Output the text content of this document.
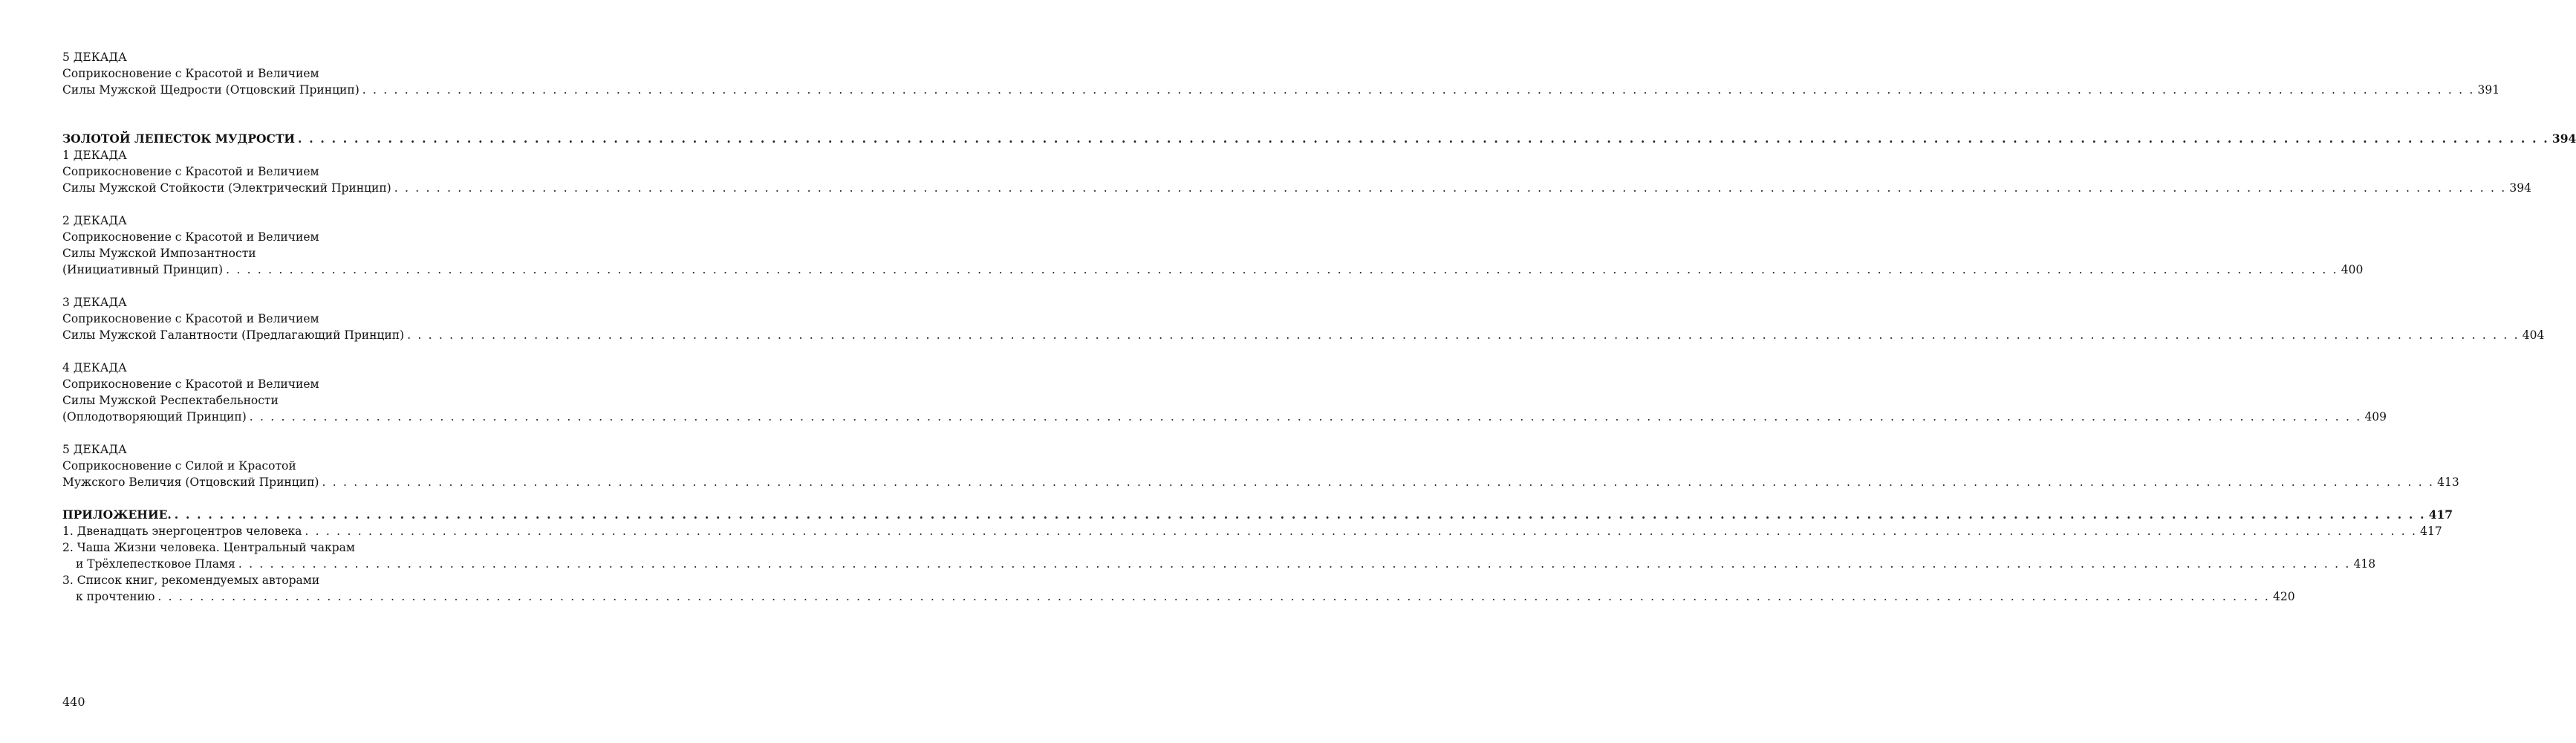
5 ДЕКАДА
Соприкосновение с Красотой и Величием
Силы Мужской Щедрости (Отцовский Принцип) . . . . . . . . . . . . . . . . . . . . . . . . . . . . . . . . . . . . . . . . . . . . . . . . . . . . . . . . . . . . . . . . . . . . . . . . . . . . . . . . . . . . . . . . . . . . . . . . . . . . . . . . . . . . . . . . . . . . . . . . . . . . . . . . . . . . . . . . . . . . . . . . . . . . . . . . . . . . . . . . . . . . . . . . . . . . . . . . . . . . . . . . . . . . . . . . . . . . . . . . 391
ЗОЛОТОЙ ЛЕПЕСТОК МУДРОСТИ . . . . . . . . . . . . . . . . . . . . . . . . . . . . . . . . . . . . . . . . . . . . . . . . . . . . . . . . . . . . . . . . . . . . . . . . . . . . . . . . . . . . . . . . . . . . . . . . . . . . . . . . . . . . . . . . . . . . . . . . . . . . . . . . . . . . . . . . . . . . . . . . . . . . . . . . . . . . . . . . . . . . . . . . . . . . . . . . . . . . . . . . . . . . . . . . . . . . . . . . 394
1 ДЕКАДА
Соприкосновение с Красотой и Величием
Силы Мужской Стойкости (Электрический Принцип) . . . . . . . . . . . . . . . . . . . . . . . . . . . . . . . . . . . . . . . . . . . . . . . . . . . . . . . . . . . . . . . . . . . . . . . . . . . . . . . . . . . . . . . . . . . . . . . . . . . . . . . . . . . . . . . . . . . . . . . . . . . . . . . . . . . . . . . . . . . . . . . . . . . . . . . . . . . . . . . . . . . . . . . . . . . . . . . . . . . . . . . . . . . . . . . . . . . . . . . . 394
2 ДЕКАДА
Соприкосновение с Красотой и Величием
Силы Мужской Импозантности
(Инициативный Принцип) . . . . . . . . . . . . . . . . . . . . . . . . . . . . . . . . . . . . . . . . . . . . . . . . . . . . . . . . . . . . . . . . . . . . . . . . . . . . . . . . . . . . . . . . . . . . . . . . . . . . . . . . . . . . . . . . . . . . . . . . . . . . . . . . . . . . . . . . . . . . . . . . . . . . . . . . . . . . . . . . . . . . . . . . . . . . . . . . . . . . . . . . . . . . . . . . . . . . . . . . 400
3 ДЕКАДА
Соприкосновение с Красотой и Величием
Силы Мужской Галантности (Предлагающий Принцип) . . . . . . . . . . . . . . . . . . . . . . . . . . . . . . . . . . . . . . . . . . . . . . . . . . . . . . . . . . . . . . . . . . . . . . . . . . . . . . . . . . . . . . . . . . . . . . . . . . . . . . . . . . . . . . . . . . . . . . . . . . . . . . . . . . . . . . . . . . . . . . . . . . . . . . . . . . . . . . . . . . . . . . . . . . . . . . . . . . . . . . . . . . . . . . . . . . . . . . . . 404
4 ДЕКАДА
Соприкосновение с Красотой и Величием
Силы Мужской Респектабельности
(Оплодотворяющий Принцип) . . . . . . . . . . . . . . . . . . . . . . . . . . . . . . . . . . . . . . . . . . . . . . . . . . . . . . . . . . . . . . . . . . . . . . . . . . . . . . . . . . . . . . . . . . . . . . . . . . . . . . . . . . . . . . . . . . . . . . . . . . . . . . . . . . . . . . . . . . . . . . . . . . . . . . . . . . . . . . . . . . . . . . . . . . . . . . . . . . . . . . . . . . . . . . . . . . . . . . . . 409
5 ДЕКАДА
Соприкосновение с Силой и Красотой
Мужского Величия (Отцовский Принцип) . . . . . . . . . . . . . . . . . . . . . . . . . . . . . . . . . . . . . . . . . . . . . . . . . . . . . . . . . . . . . . . . . . . . . . . . . . . . . . . . . . . . . . . . . . . . . . . . . . . . . . . . . . . . . . . . . . . . . . . . . . . . . . . . . . . . . . . . . . . . . . . . . . . . . . . . . . . . . . . . . . . . . . . . . . . . . . . . . . . . . . . . . . . . . . . . . . . . . . . . 413
ПРИЛОЖЕНИЕ. . . . . . . . . . . . . . . . . . . . . . . . . . . . . . . . . . . . . . . . . . . . . . . . . . . . . . . . . . . . . . . . . . . . . . . . . . . . . . . . . . . . . . . . . . . . . . . . . . . . . . . . . . . . . . . . . . . . . . . . . . . . . . . . . . . . . . . . . . . . . . . . . . . . . . . . . . . . . . . . . . . . . . . . . . . . . . . . . . . . . . . . . . . . . . . . . . . . . . . . . 417
1. Двенадцать энергоцентров человека . . . . . . . . . . . . . . . . . . . . . . . . . . . . . . . . . . . . . . . . . . . . . . . . . . . . . . . . . . . . . . . . . . . . . . . . . . . . . . . . . . . . . . . . . . . . . . . . . . . . . . . . . . . . . . . . . . . . . . . . . . . . . . . . . . . . . . . . . . . . . . . . . . . . . . . . . . . . . . . . . . . . . . . . . . . . . . . . . . . . . . . . . . . . . . . . . . . . . . . . 417
2. Чаша Жизни человека. Центральный чакрам
и Трёхлепестковое Пламя . . . . . . . . . . . . . . . . . . . . . . . . . . . . . . . . . . . . . . . . . . . . . . . . . . . . . . . . . . . . . . . . . . . . . . . . . . . . . . . . . . . . . . . . . . . . . . . . . . . . . . . . . . . . . . . . . . . . . . . . . . . . . . . . . . . . . . . . . . . . . . . . . . . . . . . . . . . . . . . . . . . . . . . . . . . . . . . . . . . . . . . . . . . . . . . . . . . . . . . . 418
3. Список книг, рекомендуемых авторами
к прочтению . . . . . . . . . . . . . . . . . . . . . . . . . . . . . . . . . . . . . . . . . . . . . . . . . . . . . . . . . . . . . . . . . . . . . . . . . . . . . . . . . . . . . . . . . . . . . . . . . . . . . . . . . . . . . . . . . . . . . . . . . . . . . . . . . . . . . . . . . . . . . . . . . . . . . . . . . . . . . . . . . . . . . . . . . . . . . . . . . . . . . . . . . . . . . . . . . . . . . . . . 420
440
